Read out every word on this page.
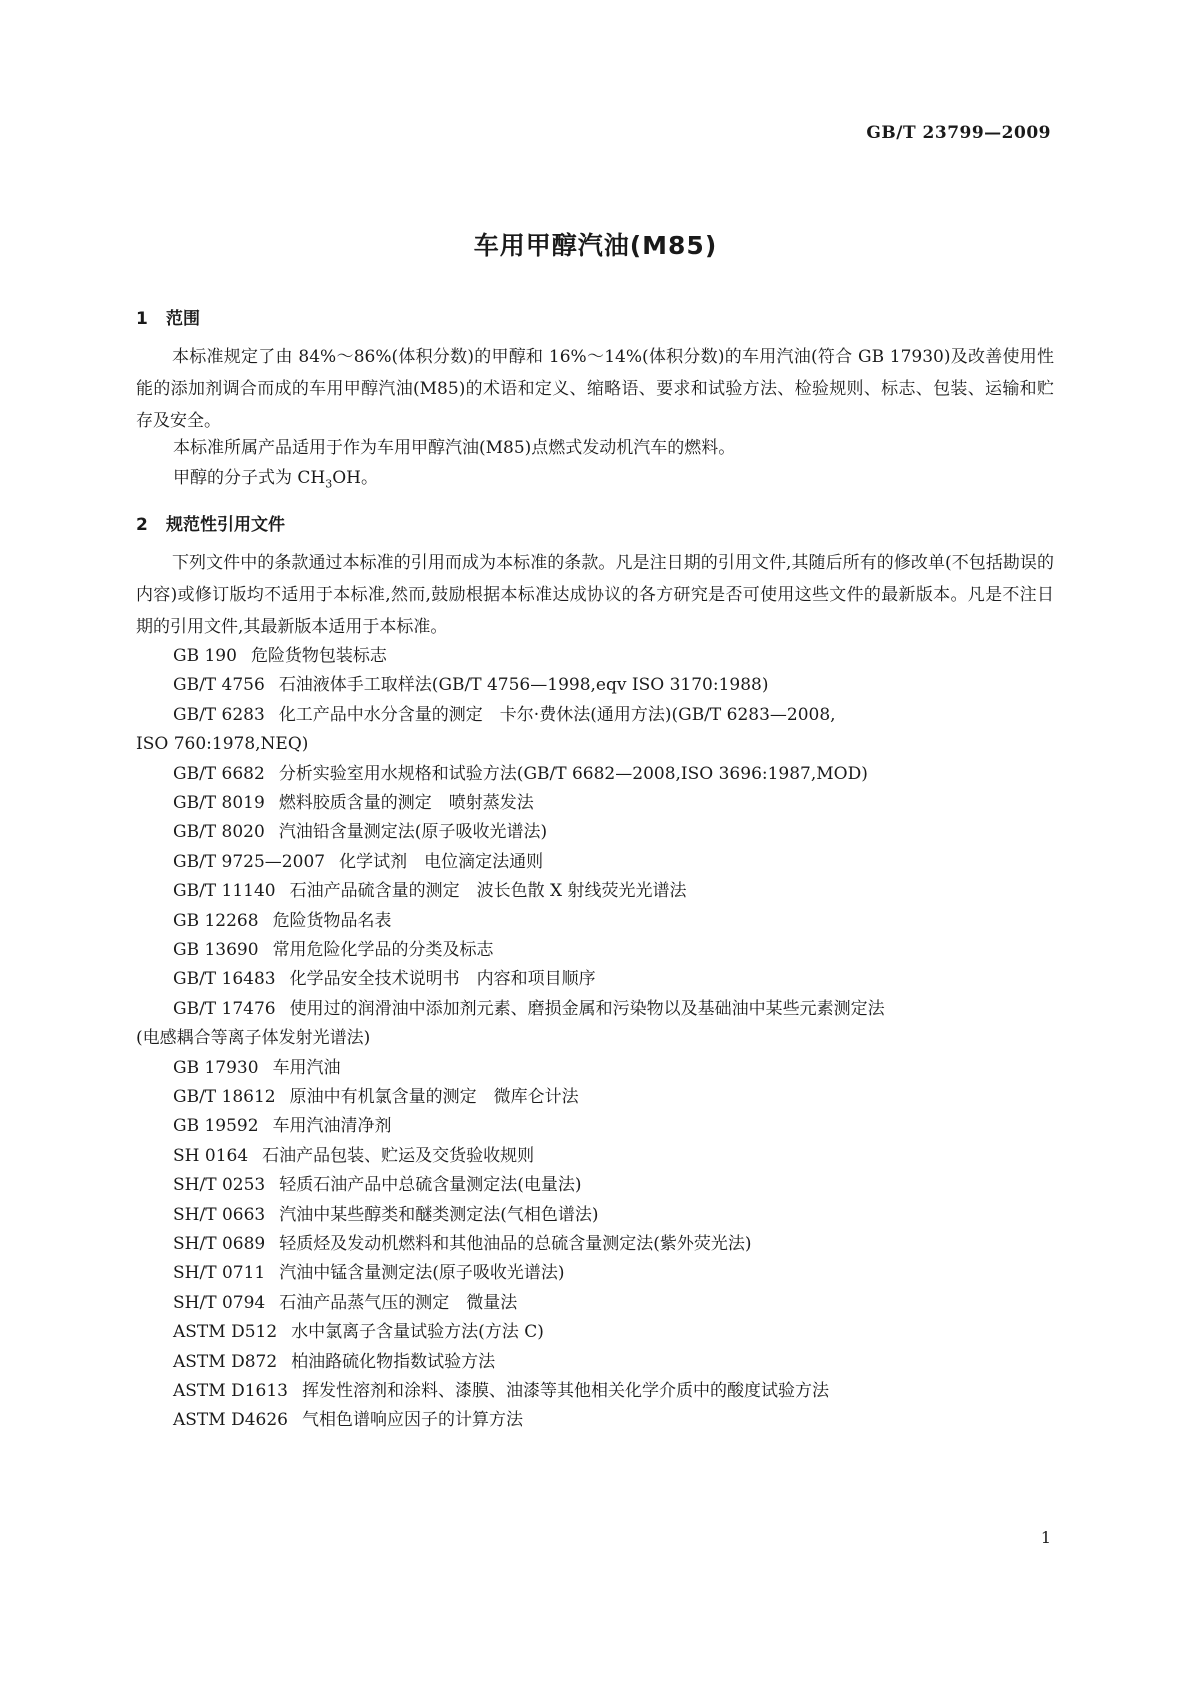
GB/T 23799—2009
车用甲醇汽油(M85)
1 范围

本标准规定了由 84%～86%(体积分数)的甲醇和 16%～14%(体积分数)的车用汽油(符合 GB 17930)及改善使用性能的添加剂调合而成的车用甲醇汽油(M85)的术语和定义、缩略语、要求和试验方法、检验规则、标志、包装、运输和贮存及安全。

本标准所属产品适用于作为车用甲醇汽油(M85)点燃式发动机汽车的燃料。
甲醇的分子式为 $CH_3OH$。
2 规范性引用文件

下列文件中的条款通过本标准的引用而成为本标准的条款。凡是注日期的引用文件,其随后所有的修改单(不包括勘误的内容)或修订版均不适用于本标准,然而,鼓励根据本标准达成协议的各方研究是否可使用这些文件的最新版本。凡是不注日期的引用文件,其最新版本适用于本标准。

GB 190 危险货物包装标志
GB/T 4756 石油液体手工取样法(GB/T 4756—1998,eqv ISO 3170:1988)
GB/T 6283 化工产品中水分含量的测定　卡尔·费休法(通用方法)(GB/T 6283—2008,
ISO 760:1978,NEQ)
GB/T 6682 分析实验室用水规格和试验方法(GB/T 6682—2008,ISO 3696:1987,MOD)
GB/T 8019 燃料胶质含量的测定　喷射蒸发法
GB/T 8020 汽油铅含量测定法(原子吸收光谱法)
GB/T 9725—2007 化学试剂　电位滴定法通则
GB/T 11140 石油产品硫含量的测定　波长色散 X 射线荧光光谱法
GB 12268 危险货物品名表
GB 13690 常用危险化学品的分类及标志
GB/T 16483 化学品安全技术说明书　内容和项目顺序
GB/T 17476 使用过的润滑油中添加剂元素、磨损金属和污染物以及基础油中某些元素测定法
(电感耦合等离子体发射光谱法)
GB 17930 车用汽油
GB/T 18612 原油中有机氯含量的测定　微库仑计法
GB 19592 车用汽油清净剂
SH 0164 石油产品包装、贮运及交货验收规则
SH/T 0253 轻质石油产品中总硫含量测定法(电量法)
SH/T 0663 汽油中某些醇类和醚类测定法(气相色谱法)
SH/T 0689 轻质烃及发动机燃料和其他油品的总硫含量测定法(紫外荧光法)
SH/T 0711 汽油中锰含量测定法(原子吸收光谱法)
SH/T 0794 石油产品蒸气压的测定　微量法
ASTM D512 水中氯离子含量试验方法(方法 C)
ASTM D872 柏油路硫化物指数试验方法
ASTM D1613 挥发性溶剂和涂料、漆膜、油漆等其他相关化学介质中的酸度试验方法
ASTM D4626 气相色谱响应因子的计算方法
1
